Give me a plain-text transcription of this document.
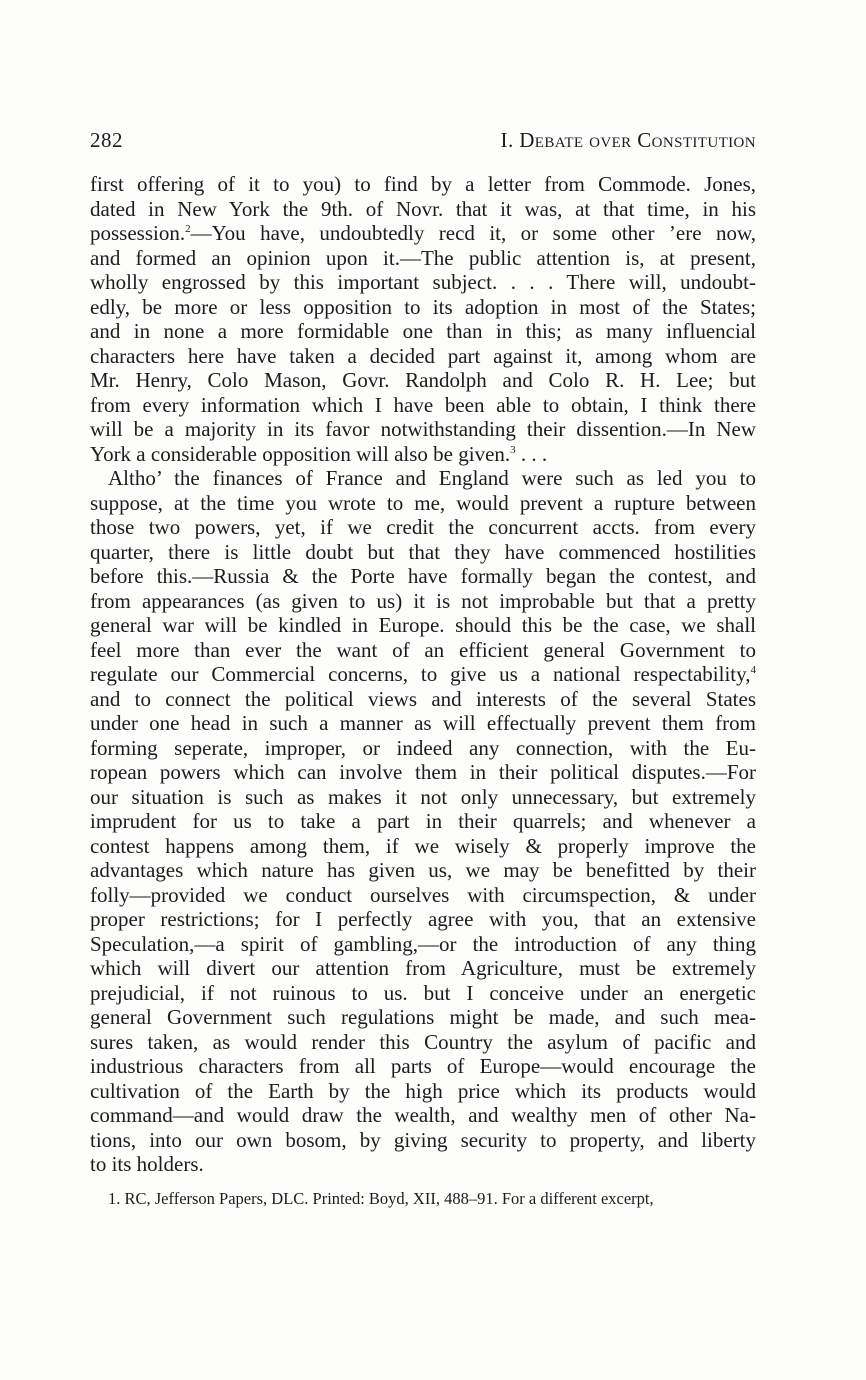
282	I. Debate over Constitution

first offering of it to you) to find by a letter from Commode. Jones,
dated in New York the 9th. of Novr. that it was, at that time, in his
possession.$^2$—You have, undoubtedly recd it, or some other ’ere now,
and formed an opinion upon it.—The public attention is, at present,
wholly engrossed by this important subject. . . . There will, undoubt-
edly, be more or less opposition to its adoption in most of the States;
and in none a more formidable one than in this; as many influencial
characters here have taken a decided part against it, among whom are
Mr. Henry, Colo Mason, Govr. Randolph and Colo R. H. Lee; but
from every information which I have been able to obtain, I think there
will be a majority in its favor notwithstanding their dissention.—In New
York a considerable opposition will also be given.$^3$ . . .

Altho’ the finances of France and England were such as led you to
suppose, at the time you wrote to me, would prevent a rupture between
those two powers, yet, if we credit the concurrent accts. from every
quarter, there is little doubt but that they have commenced hostilities
before this.—Russia & the Porte have formally began the contest, and
from appearances (as given to us) it is not improbable but that a pretty
general war will be kindled in Europe. should this be the case, we shall
feel more than ever the want of an efficient general Government to
regulate our Commercial concerns, to give us a national respectability,$^4$
and to connect the political views and interests of the several States
under one head in such a manner as will effectually prevent them from
forming seperate, improper, or indeed any connection, with the Eu-
ropean powers which can involve them in their political disputes.—For
our situation is such as makes it not only unnecessary, but extremely
imprudent for us to take a part in their quarrels; and whenever a
contest happens among them, if we wisely & properly improve the
advantages which nature has given us, we may be benefitted by their
folly—provided we conduct ourselves with circumspection, & under
proper restrictions; for I perfectly agree with you, that an extensive
Speculation,—a spirit of gambling,—or the introduction of any thing
which will divert our attention from Agriculture, must be extremely
prejudicial, if not ruinous to us. but I conceive under an energetic
general Government such regulations might be made, and such mea-
sures taken, as would render this Country the asylum of pacific and
industrious characters from all parts of Europe—would encourage the
cultivation of the Earth by the high price which its products would
command—and would draw the wealth, and wealthy men of other Na-
tions, into our own bosom, by giving security to property, and liberty
to its holders.

1. RC, Jefferson Papers, DLC. Printed: Boyd, XII, 488–91. For a different excerpt,
